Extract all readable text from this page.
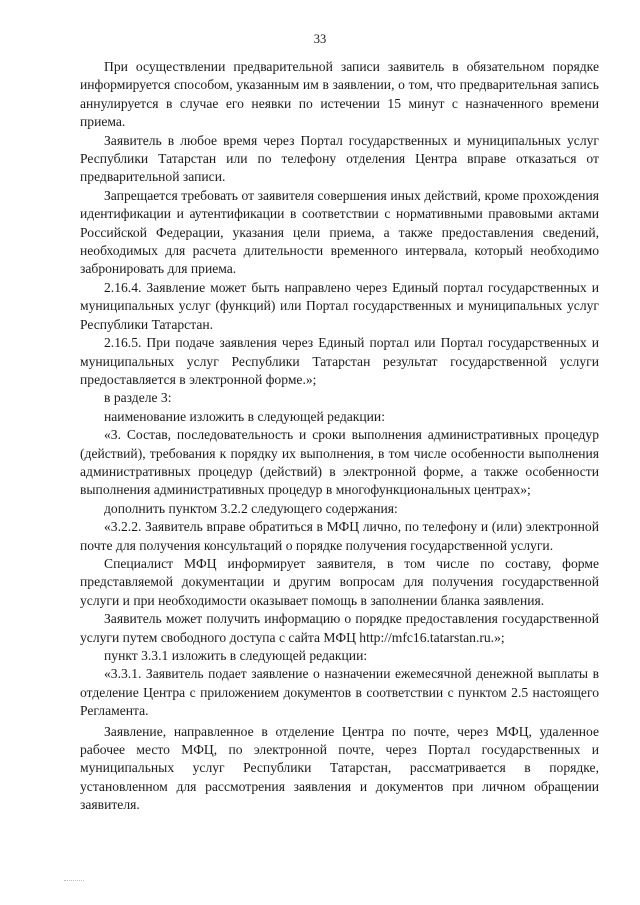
33

При осуществлении предварительной записи заявитель в обязательном порядке информируется способом, указанным им в заявлении, о том, что предварительная запись аннулируется в случае его неявки по истечении 15 минут с назначенного времени приема.

Заявитель в любое время через Портал государственных и муниципальных услуг Республики Татарстан или по телефону отделения Центра вправе отказаться от предварительной записи.

Запрещается требовать от заявителя совершения иных действий, кроме прохождения идентификации и аутентификации в соответствии с нормативными правовыми актами Российской Федерации, указания цели приема, а также предоставления сведений, необходимых для расчета длительности временного интервала, который необходимо забронировать для приема.

2.16.4. Заявление может быть направлено через Единый портал государственных и муниципальных услуг (функций) или Портал государственных и муниципальных услуг Республики Татарстан.

2.16.5. При подаче заявления через Единый портал или Портал государственных и муниципальных услуг Республики Татарстан результат государственной услуги предоставляется в электронной форме.»;

в разделе 3:

наименование изложить в следующей редакции:

«3. Состав, последовательность и сроки выполнения административных процедур (действий), требования к порядку их выполнения, в том числе особенности выполнения административных процедур (действий) в электронной форме, а также особенности выполнения административных процедур в многофункциональных центрах»;

дополнить пунктом 3.2.2 следующего содержания:

«3.2.2. Заявитель вправе обратиться в МФЦ лично, по телефону и (или) электронной почте для получения консультаций о порядке получения государственной услуги.

Специалист МФЦ информирует заявителя, в том числе по составу, форме представляемой документации и другим вопросам для получения государственной услуги и при необходимости оказывает помощь в заполнении бланка заявления.

Заявитель может получить информацию о порядке предоставления государственной услуги путем свободного доступа с сайта МФЦ http://mfc16.tatarstan.ru.»;

пункт 3.3.1 изложить в следующей редакции:

«3.3.1. Заявитель подает заявление о назначении ежемесячной денежной выплаты в отделение Центра с приложением документов в соответствии с пунктом 2.5 настоящего Регламента.

Заявление, направленное в отделение Центра по почте, через МФЦ, удаленное рабочее место МФЦ, по электронной почте, через Портал государственных и муниципальных услуг Республики Татарстан, рассматривается в порядке, установленном для рассмотрения заявления и документов при личном обращении заявителя.
